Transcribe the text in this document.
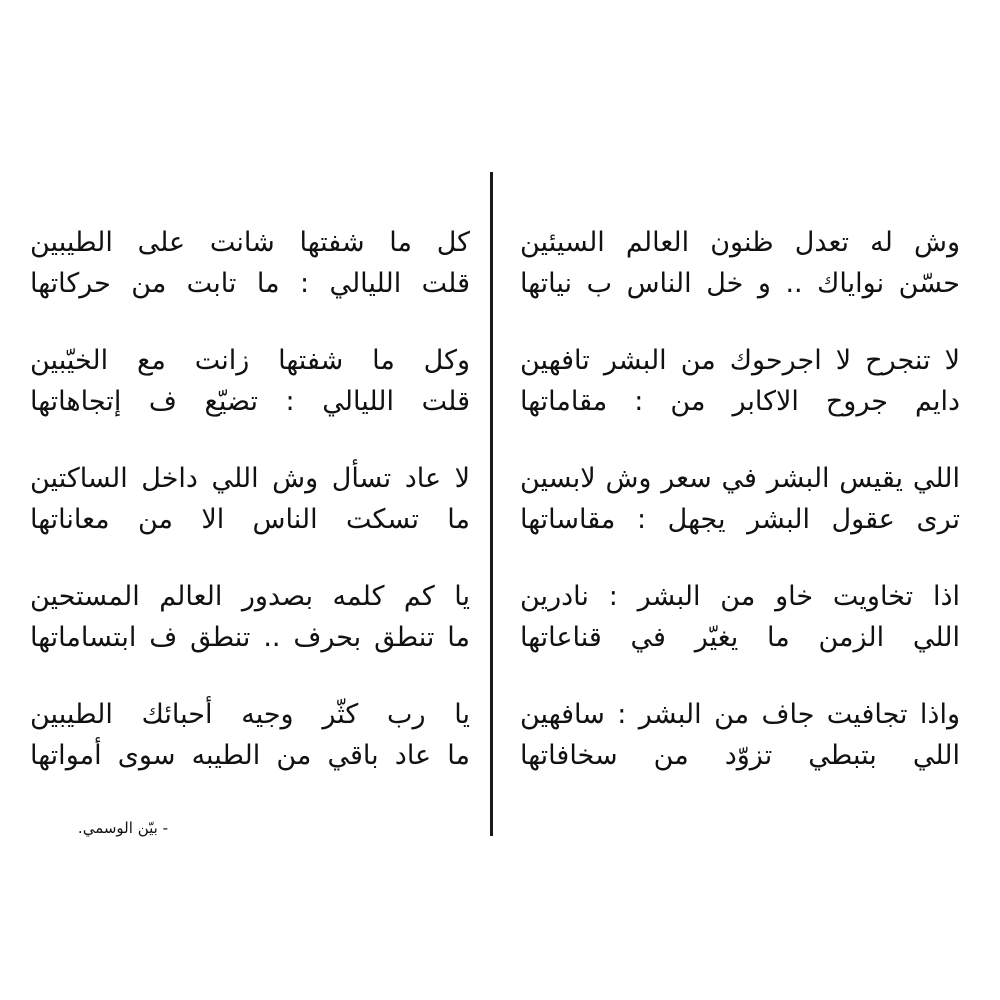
وش له تعدل ظنون العالم السيئين
حسّن نواياك .. و خل الناس ب نياتها
لا تنجرح لا اجرحوك من البشر تافهين
دايم جروح الاكابر من : مقاماتها
اللي يقيس البشر في سعر وش لابسين
ترى عقول البشر يجهل : مقاساتها
اذا تخاويت خاو من البشر : نادرين
اللي الزمن ما يغيّر في قناعاتها
واذا تجافيت جاف من البشر : سافهين
اللي بتبطي تزوّد من سخافاتها
كل ما شفتها شانت على الطيبين
قلت الليالي : ما تابت من حركاتها
وكل ما شفتها زانت مع الخيّبين
قلت الليالي : تضيّع ف إتجاهاتها
لا عاد تسأل وش اللي داخل الساكتين
ما تسكت الناس الا من معاناتها
يا كم كلمه بصدور العالم المستحين
ما تنطق بحرف .. تنطق ف ابتساماتها
يا رب كثّر وجيه أحبائك الطيبين
ما عاد باقي من الطيبه سوى أمواتها
- بيّن الوسمي.
